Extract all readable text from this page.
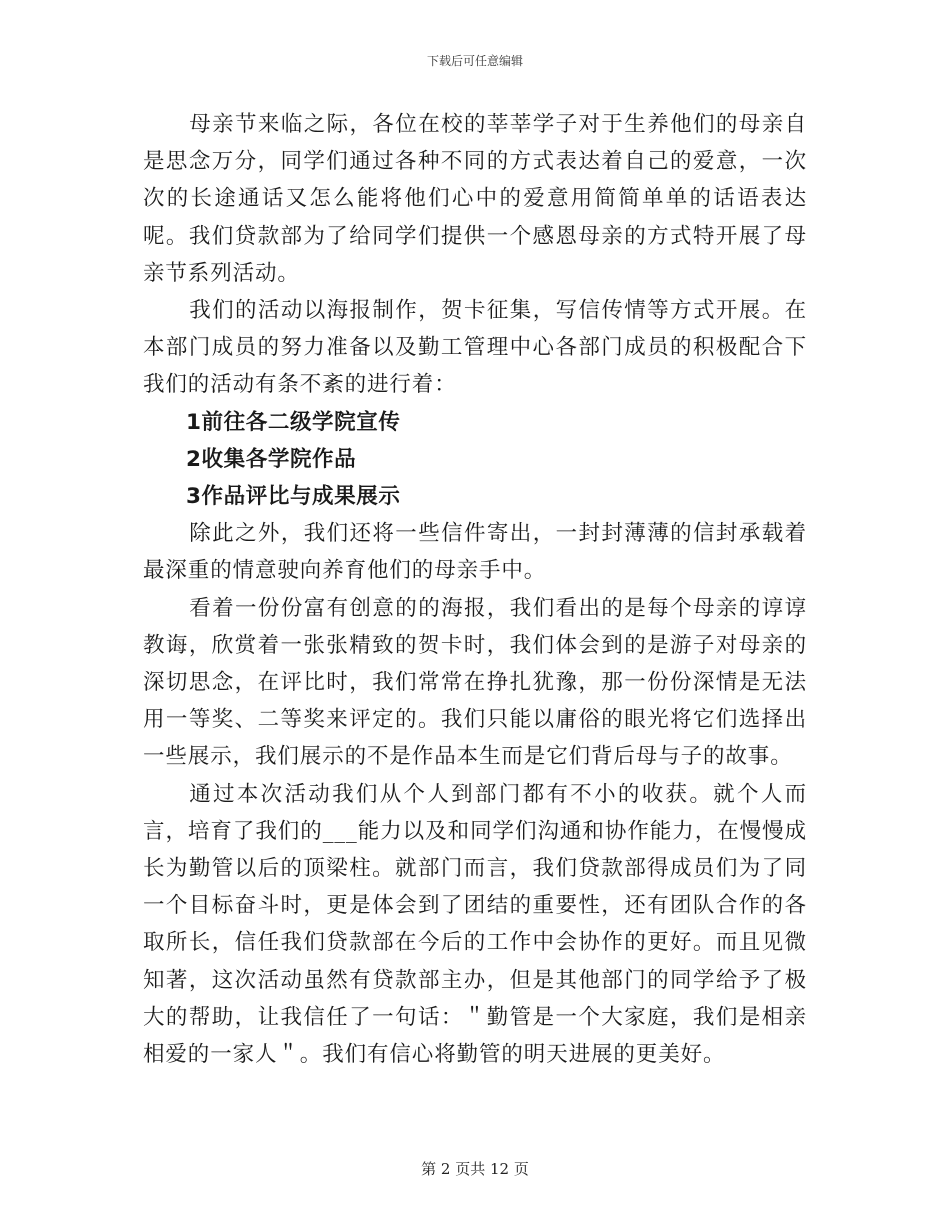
下载后可任意编辑

母亲节来临之际，各位在校的莘莘学子对于生养他们的母亲自是思念万分，同学们通过各种不同的方式表达着自己的爱意，一次次的长途通话又怎么能将他们心中的爱意用简简单单的话语表达呢。我们贷款部为了给同学们提供一个感恩母亲的方式特开展了母亲节系列活动。

我们的活动以海报制作，贺卡征集，写信传情等方式开展。在本部门成员的努力准备以及勤工管理中心各部门成员的积极配合下我们的活动有条不紊的进行着：

1前往各二级学院宣传

2收集各学院作品

3作品评比与成果展示

除此之外，我们还将一些信件寄出，一封封薄薄的信封承载着最深重的情意驶向养育他们的母亲手中。

看着一份份富有创意的的海报，我们看出的是每个母亲的谆谆教诲，欣赏着一张张精致的贺卡时，我们体会到的是游子对母亲的深切思念，在评比时，我们常常在挣扎犹豫，那一份份深情是无法用一等奖、二等奖来评定的。我们只能以庸俗的眼光将它们选择出一些展示，我们展示的不是作品本生而是它们背后母与子的故事。

通过本次活动我们从个人到部门都有不小的收获。就个人而言，培育了我们的___能力以及和同学们沟通和协作能力，在慢慢成长为勤管以后的顶梁柱。就部门而言，我们贷款部得成员们为了同一个目标奋斗时，更是体会到了团结的重要性，还有团队合作的各取所长，信任我们贷款部在今后的工作中会协作的更好。而且见微知著，这次活动虽然有贷款部主办，但是其他部门的同学给予了极大的帮助，让我信任了一句话：＂勤管是一个大家庭，我们是相亲相爱的一家人＂。我们有信心将勤管的明天进展的更美好。

第 2 页共 12 页
